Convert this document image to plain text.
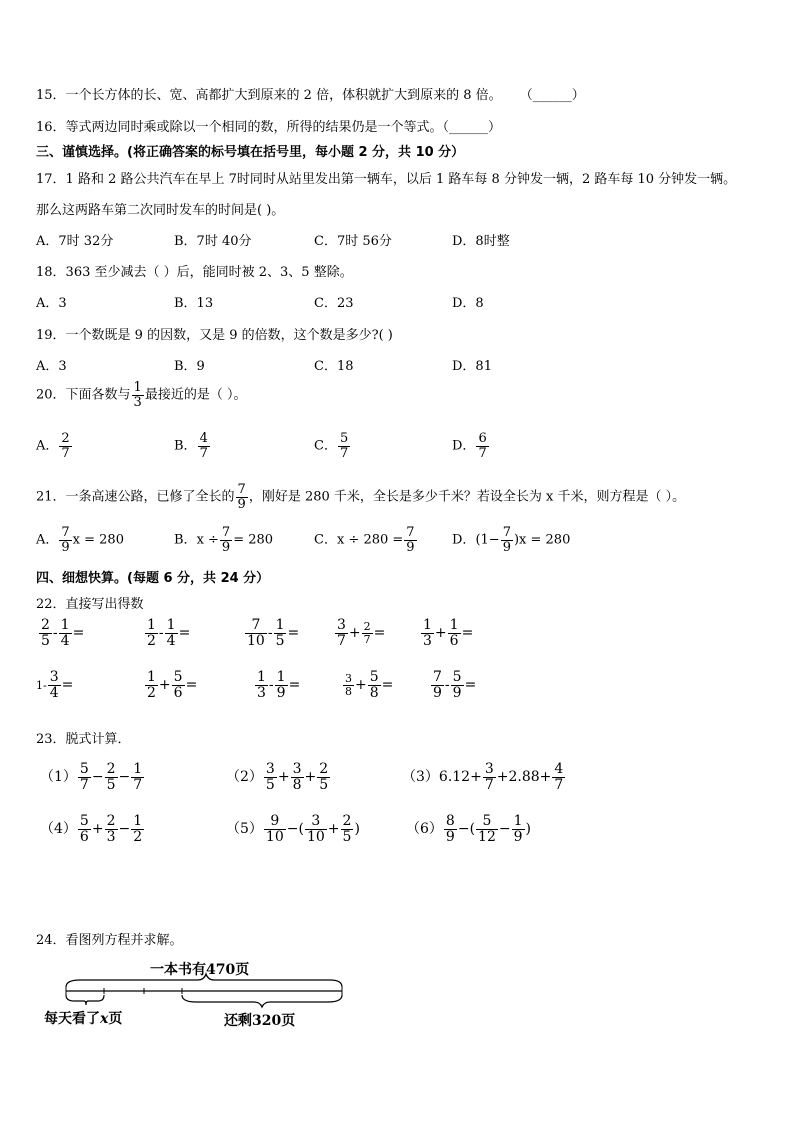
15．一个长方体的长、宽、高都扩大到原来的 2 倍，体积就扩大到原来的 8 倍。 （______）
16．等式两边同时乘或除以一个相同的数，所得的结果仍是一个等式。（______）
三、谨慎选择。(将正确答案的标号填在括号里，每小题 2 分，共 10 分）
17．1 路和 2 路公共汽车在早上 7时同时从站里发出第一辆车，以后 1 路车每 8 分钟发一辆，2 路车每 10 分钟发一辆。
那么这两路车第二次同时发车的时间是( )。
A．7时 32分	B．7时 40分	C．7时 56分	D．8时整
18．363 至少减去（ ）后，能同时被 2、3、5 整除。
A．3	B．13	C．23	D．8
19．一个数既是 9 的因数，又是 9 的倍数，这个数是多少?( )
A．3	B．9	C．18	D．81
20．下面各数与 $\frac{1}{3}$ 最接近的是（ ）。
A． $\frac{2}{7}$	B． $\frac{4}{7}$	C． $\frac{5}{7}$	D． $\frac{6}{7}$
21．一条高速公路，已修了全长的 $\frac{7}{9}$ ，刚好是 280 千米，全长是多少千米？若设全长为 x 千米，则方程是（ ）。
A． $\frac{7}{9}$ x = 280	B．$x \div \frac{7}{9} = 280$	C．$x \div 280 = \frac{7}{9}$	D．$(1- \frac{7}{9} )x = 280$
四、细想快算。(每题 6 分，共 24 分）
22．直接写出得数
$\frac{2}{5} - \frac{1}{4}$ =	$\frac{1}{2} - \frac{1}{4}$ =	$\frac{7}{10} - \frac{1}{5}$ =	$\frac{3}{7} + \frac{2}{7}$ =	$\frac{1}{3} + \frac{1}{6}$ =
$1- \frac{3}{4}$ =	$\frac{1}{2} + \frac{5}{6}$ =	$\frac{1}{3} - \frac{1}{9}$ =	$\frac{3}{8} + \frac{5}{8}$ =	$\frac{7}{9} - \frac{5}{9}$ =
23．脱式计算．
$(1) \frac{5}{7} - \frac{2}{5} - \frac{1}{7}$	$(2) \frac{3}{5} + \frac{3}{8} + \frac{2}{5}$	$(3)6.12+ \frac{3}{7} +2.88+ \frac{4}{7}$
$(4) \frac{5}{6} + \frac{2}{3} - \frac{1}{2}$	$(5) \frac{9}{10}$ −( $\frac{3}{10} + \frac{2}{5}$ )	$(6) \frac{8}{9}$ −( $\frac{5}{12} - \frac{1}{9}$ )
24．看图列方程并求解。
一本书有470页
每天看了x页	还剩320页
